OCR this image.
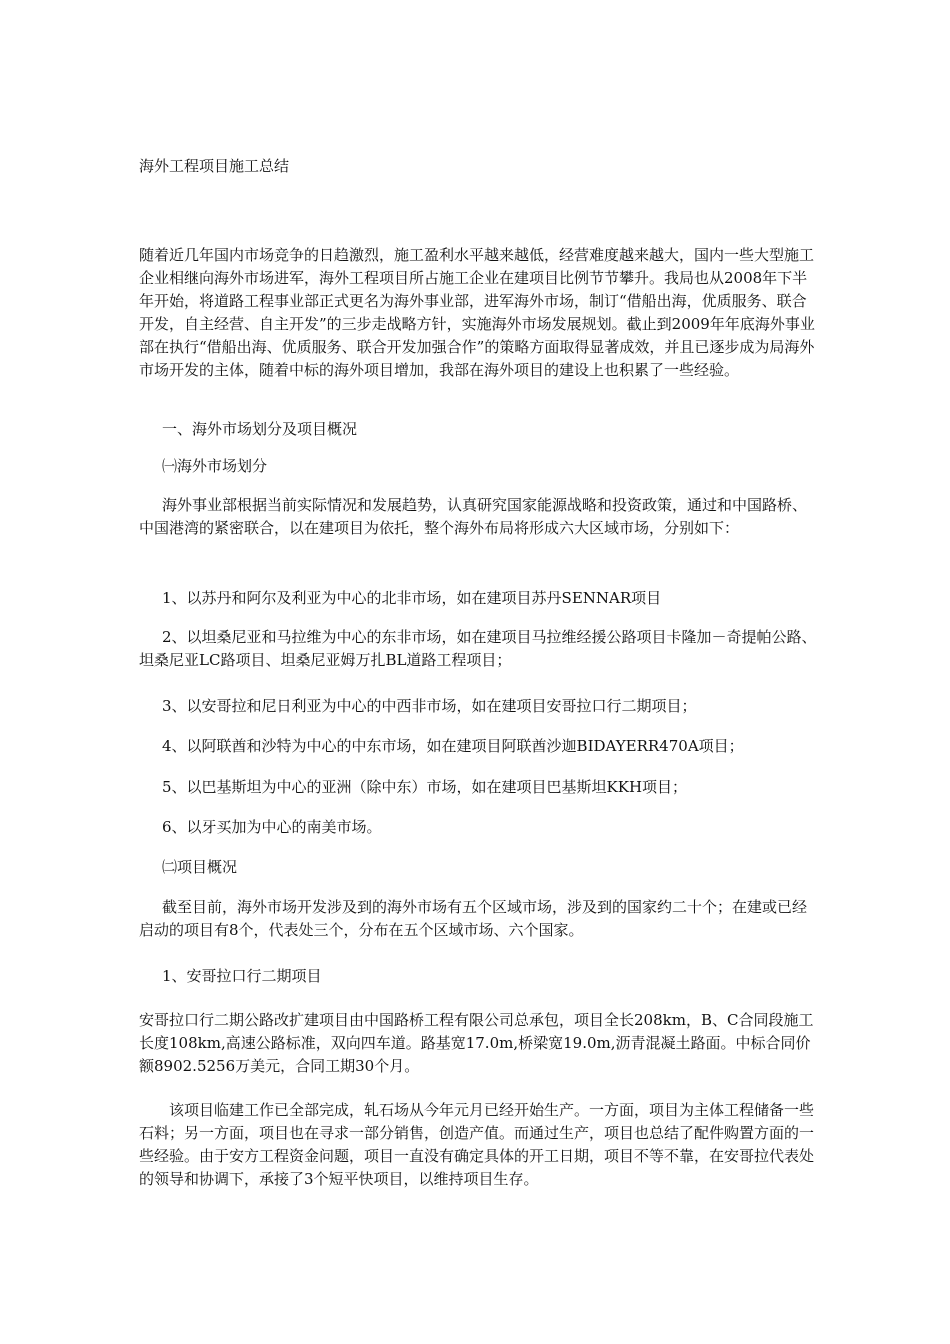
海外工程项目施工总结

随着近几年国内市场竞争的日趋激烈，施工盈利水平越来越低，经营难度越来越大，国内一些大型施工企业相继向海外市场进军，海外工程项目所占施工企业在建项目比例节节攀升。我局也从2008年下半年开始，将道路工程事业部正式更名为海外事业部，进军海外市场，制订“借船出海，优质服务、联合开发，自主经营、自主开发”的三步走战略方针，实施海外市场发展规划。截止到2009年年底海外事业部在执行“借船出海、优质服务、联合开发加强合作”的策略方面取得显著成效，并且已逐步成为局海外市场开发的主体，随着中标的海外项目增加，我部在海外项目的建设上也积累了一些经验。

一、海外市场划分及项目概况

㈠海外市场划分

海外事业部根据当前实际情况和发展趋势，认真研究国家能源战略和投资政策，通过和中国路桥、中国港湾的紧密联合，以在建项目为依托，整个海外布局将形成六大区域市场，分别如下：

1、以苏丹和阿尔及利亚为中心的北非市场，如在建项目苏丹SENNAR项目

2、以坦桑尼亚和马拉维为中心的东非市场，如在建项目马拉维经援公路项目卡隆加－奇提帕公路、坦桑尼亚LC路项目、坦桑尼亚姆万扎BL道路工程项目；

3、以安哥拉和尼日利亚为中心的中西非市场，如在建项目安哥拉口行二期项目；

4、以阿联酋和沙特为中心的中东市场，如在建项目阿联酋沙迦BIDAYERR470A项目；

5、以巴基斯坦为中心的亚洲（除中东）市场，如在建项目巴基斯坦KKH项目；

6、以牙买加为中心的南美市场。

㈡项目概况

截至目前，海外市场开发涉及到的海外市场有五个区域市场，涉及到的国家约二十个；在建或已经启动的项目有8个，代表处三个，分布在五个区域市场、六个国家。

1、安哥拉口行二期项目

安哥拉口行二期公路改扩建项目由中国路桥工程有限公司总承包，项目全长208km，B、C合同段施工长度108km,高速公路标准，双向四车道。路基宽17.0m,桥梁宽19.0m,沥青混凝土路面。中标合同价额8902.5256万美元，合同工期30个月。

该项目临建工作已全部完成，轧石场从今年元月已经开始生产。一方面，项目为主体工程储备一些石料；另一方面，项目也在寻求一部分销售，创造产值。而通过生产，项目也总结了配件购置方面的一些经验。由于安方工程资金问题，项目一直没有确定具体的开工日期，项目不等不靠，在安哥拉代表处的领导和协调下，承接了3个短平快项目，以维持项目生存。
